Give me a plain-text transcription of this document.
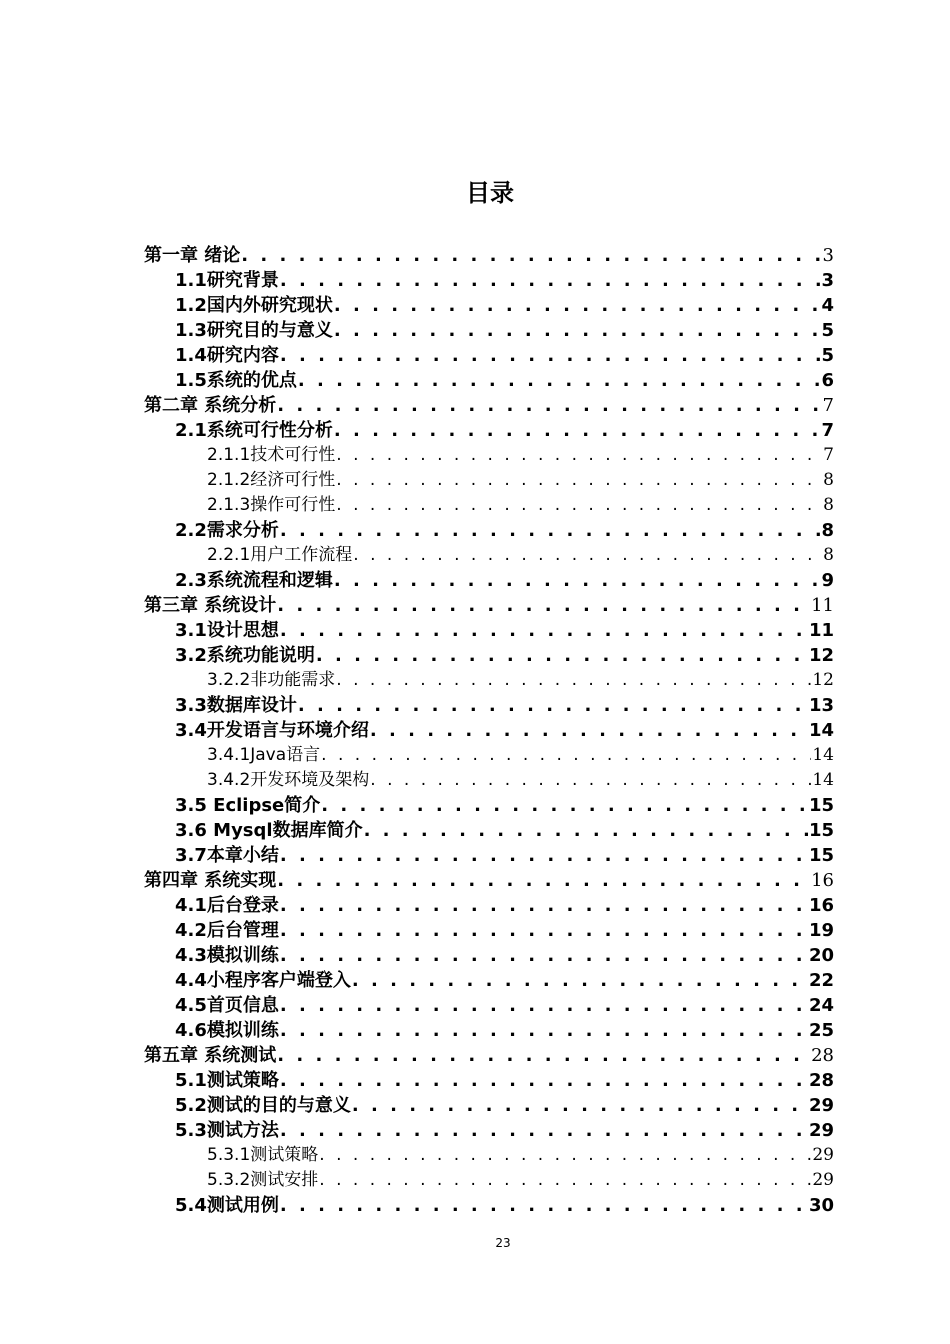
目录
第一章 绪论 . . .	3
1.1研究背景 . . .	3
1.2国内外研究现状 . . .	4
1.3研究目的与意义 . . .	5
1.4研究内容 . . .	5
1.5系统的优点 . . .	6
第二章 系统分析 . . .	7
2.1系统可行性分析 . . .	7
2.1.1技术可行性 . . .	7
2.1.2经济可行性 . . .	8
2.1.3操作可行性 . . .	8
2.2需求分析 . . .	8
2.2.1用户工作流程 . . .	8
2.3系统流程和逻辑 . . .	9
第三章 系统设计 . . .	11
3.1设计思想 . . .	11
3.2系统功能说明 . . .	12
3.2.2非功能需求 . . .	12
3.3数据库设计 . . .	13
3.4开发语言与环境介绍 . . .	14
3.4.1Java语言 . . .	14
3.4.2开发环境及架构 . . .	14
3.5 Eclipse简介 . . .	15
3.6 Mysql数据库简介 . . .	15
3.7本章小结 . . .	15
第四章 系统实现 . . .	16
4.1后台登录 . . .	16
4.2后台管理 . . .	19
4.3模拟训练 . . .	20
4.4小程序客户端登入 . . .	22
4.5首页信息 . . .	24
4.6模拟训练 . . .	25
第五章 系统测试 . . .	28
5.1测试策略 . . .	28
5.2测试的目的与意义 . . .	29
5.3测试方法 . . .	29
5.3.1测试策略 . . .	29
5.3.2测试安排 . . .	29
5.4测试用例 . . .	30
23
